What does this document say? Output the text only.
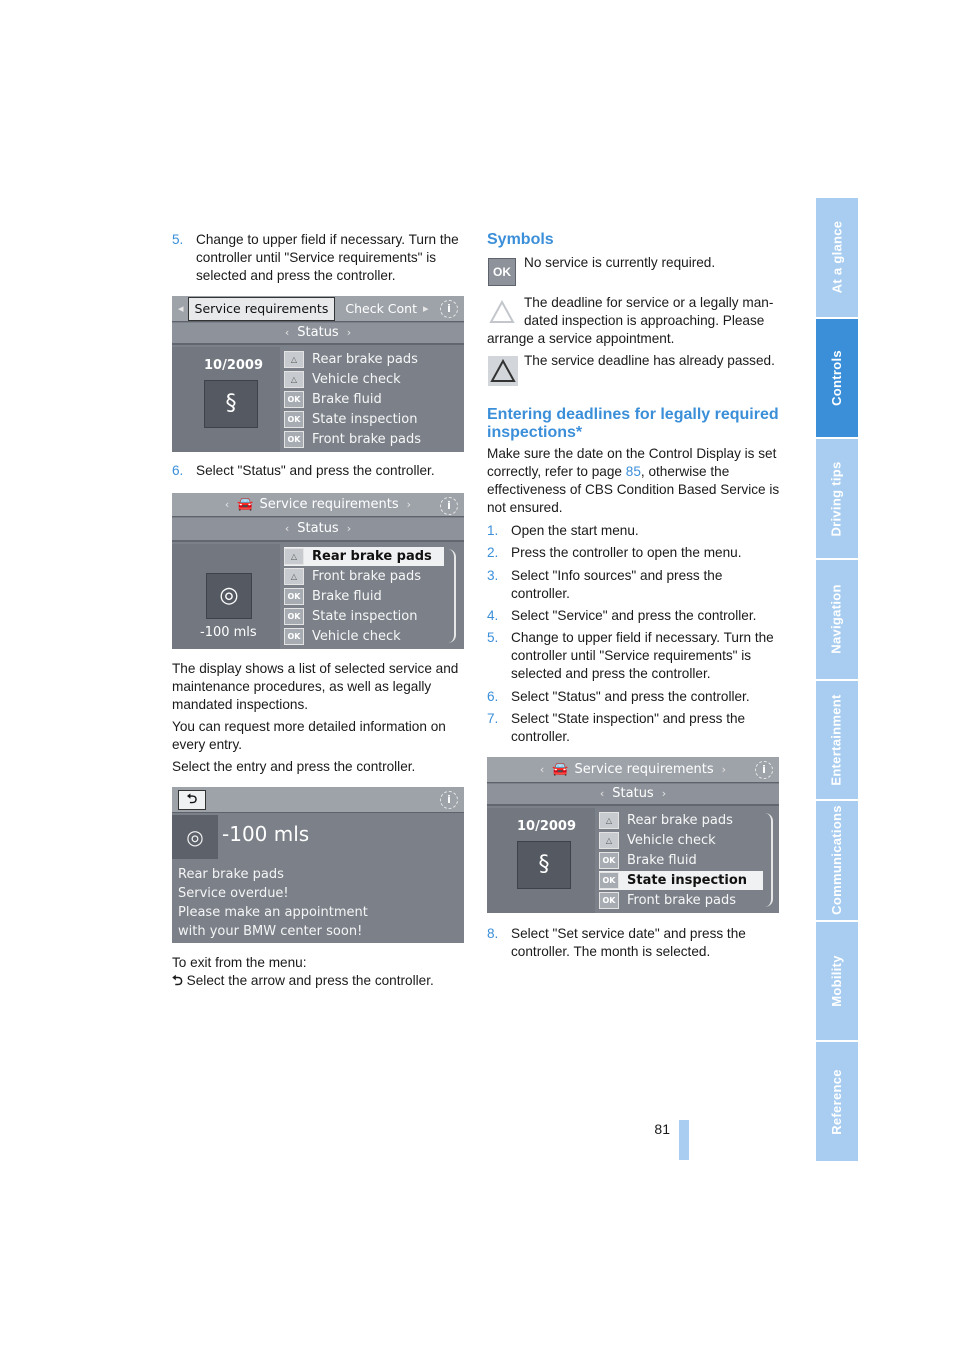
At a glance
Controls
Driving tips
Navigation
Entertainment
Communications
Mobility
Reference
5. Change to upper field if necessary. Turn the controller until "Service requirements" is selected and press the controller.
◂ Service requirements	Check Cont ▸	i
‹ Status ›
10/2009
§
△	Rear brake pads
△	Vehicle check
OK Brake fluid
OK State inspection
OK Front brake pads
6. Select "Status" and press the controller.
‹ 🚘 Service requirements ›	i
‹ Status ›
◎
-100 mls
△	Rear brake pads
△	Front brake pads
OK Brake fluid
OK State inspection
OK Vehicle check
The display shows a list of selected service and maintenance procedures, as well as legally mandated inspections.
You can request more detailed information on every entry.
Select the entry and press the controller.
⮌	i
◎ -100 mls
Rear brake pads
Service overdue!
Please make an appointment
with your BMW center soon!
To exit from the menu:
⮌ Select the arrow and press the controller.
Symbols
OK
No service is currently required.
The deadline for service or a legally man-
dated inspection is approaching. Please
arrange a service appointment.
The service deadline has already passed.
Entering deadlines for legally required inspections*
Make sure the date on the Control Display is set correctly, refer to page 85, otherwise the effectiveness of CBS Condition Based Service is not ensured.
1. Open the start menu.
2. Press the controller to open the menu.
3. Select "Info sources" and press the controller.
4. Select "Service" and press the controller.
5. Change to upper field if necessary. Turn the controller until "Service requirements" is selected and press the controller.
6. Select "Status" and press the controller.
7. Select "State inspection" and press the controller.
‹ 🚘 Service requirements ›	i
‹ Status ›
10/2009
§
△	Rear brake pads
△	Vehicle check
OK Brake fluid
OK State inspection
OK Front brake pads
8. Select "Set service date" and press the controller. The month is selected.
81
